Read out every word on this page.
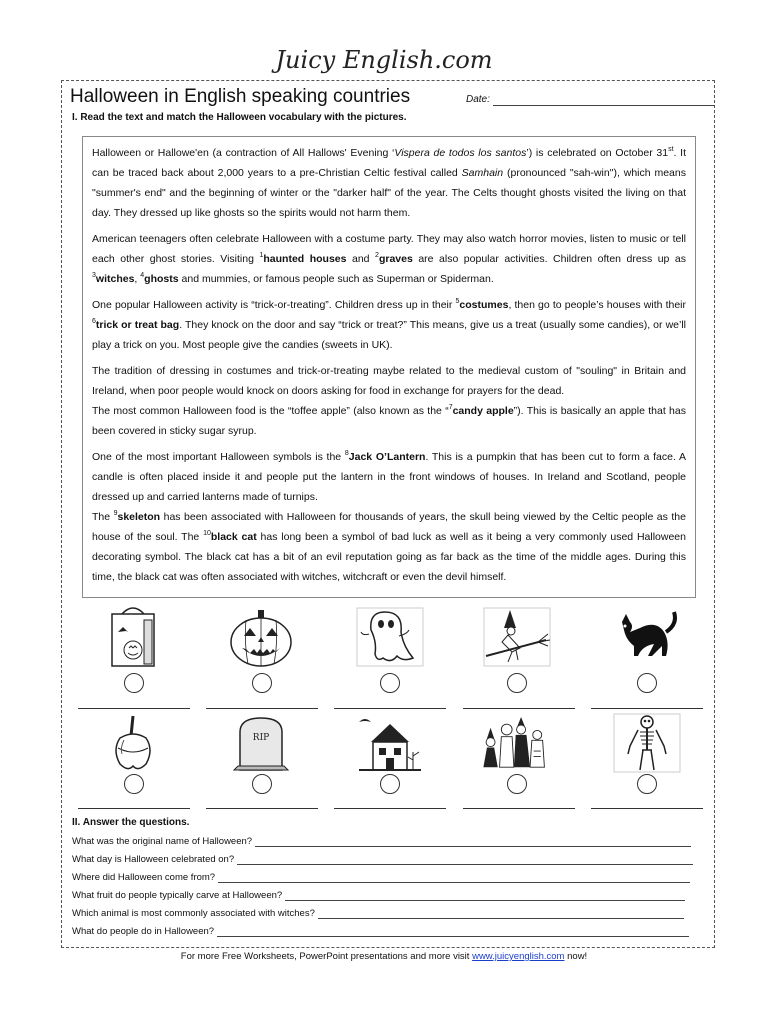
Juicy English.com
Halloween in English speaking countries	Date:
I. Read the text and match the Halloween vocabulary with the pictures.

Halloween or Hallowe'en (a contraction of All Hallows' Evening ‘Vispera de todos los santos’) is celebrated on October 31st. It can be traced back about 2,000 years to a pre-Christian Celtic festival called Samhain (pronounced "sah-win"), which means "summer's end" and the beginning of winter or the "darker half" of the year. The Celts thought ghosts visited the living on that day. They dressed up like ghosts so the spirits would not harm them.

American teenagers often celebrate Halloween with a costume party. They may also watch horror movies, listen to music or tell each other ghost stories. Visiting $^1$haunted houses and $^2$graves are also popular activities. Children often dress up as $^3$witches, $^4$ghosts and mummies, or famous people such as Superman or Spiderman.

One popular Halloween activity is “trick-or-treating”. Children dress up in their $^5$costumes, then go to people’s houses with their $^6$trick or treat bag. They knock on the door and say “trick or treat?” This means, give us a treat (usually some candies), or we’ll play a trick on you. Most people give the candies (sweets in UK).

The tradition of dressing in costumes and trick-or-treating maybe related to the medieval custom of "souling" in Britain and Ireland, when poor people would knock on doors asking for food in exchange for prayers for the dead.

The most common Halloween food is the “toffee apple” (also known as the “$^7$candy apple”). This is basically an apple that has been covered in sticky sugar syrup.

One of the most important Halloween symbols is the $^8$Jack O’Lantern. This is a pumpkin that has been cut to form a face. A candle is often placed inside it and people put the lantern in the front windows of houses. In Ireland and Scotland, people dressed up and carried lanterns made of turnips.

The $^9$skeleton has been associated with Halloween for thousands of years, the skull being viewed by the Celtic people as the house of the soul. The $^{10}$black cat has long been a symbol of bad luck as well as it being a very commonly used Halloween decorating symbol. The black cat has a bit of an evil reputation going as far back as the time of the middle ages. During this time, the black cat was often associated with witches, witchcraft or even the devil himself.

RIP
II. Answer the questions.
What was the original name of Halloween?
What day is Halloween celebrated on?
Where did Halloween come from?
What fruit do people typically carve at Halloween?
Which animal is most commonly associated with witches?
What do people do in Halloween?
For more Free Worksheets, PowerPoint presentations and more visit www.juicyenglish.com now!
